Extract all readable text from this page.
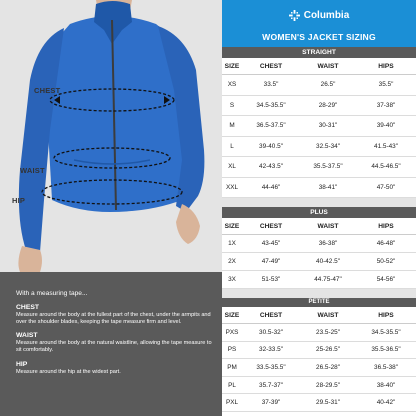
CHEST
WAIST
HIP
With a measuring tape...
CHEST
Measure around the body at the fullest part of the chest, under the armpits and over the shoulder blades, keeping the tape measure firm and level.
WAIST
Measure around the body at the natural waistline, allowing the tape measure to sit comfortably.
HIP
Measure around the hip at the widest part.
Columbia
WOMEN'S JACKET SIZING
STRAIGHT
SIZE	CHEST	WAIST	HIPS
XS	33.5"	26.5"	35.5"
S	34.5-35.5"	28-29"	37-38"
M	36.5-37.5"	30-31"	39-40"
L	39-40.5"	32.5-34"	41.5-43"
XL	42-43.5"	35.5-37.5"	44.5-46.5"
XXL	44-46"	38-41"	47-50"
PLUS
SIZE	CHEST	WAIST	HIPS
1X	43-45"	36-38"	46-48"
2X	47-49"	40-42.5"	50-52"
3X	51-53"	44.75-47"	54-56"
PETITE
SIZE	CHEST	WAIST	HIPS
PXS	30.5-32"	23.5-25"	34.5-35.5"
PS	32-33.5"	25-26.5"	35.5-36.5"
PM	33.5-35.5"	26.5-28"	36.5-38"
PL	35.7-37"	28-29.5"	38-40"
PXL	37-39"	29.5-31"	40-42"
